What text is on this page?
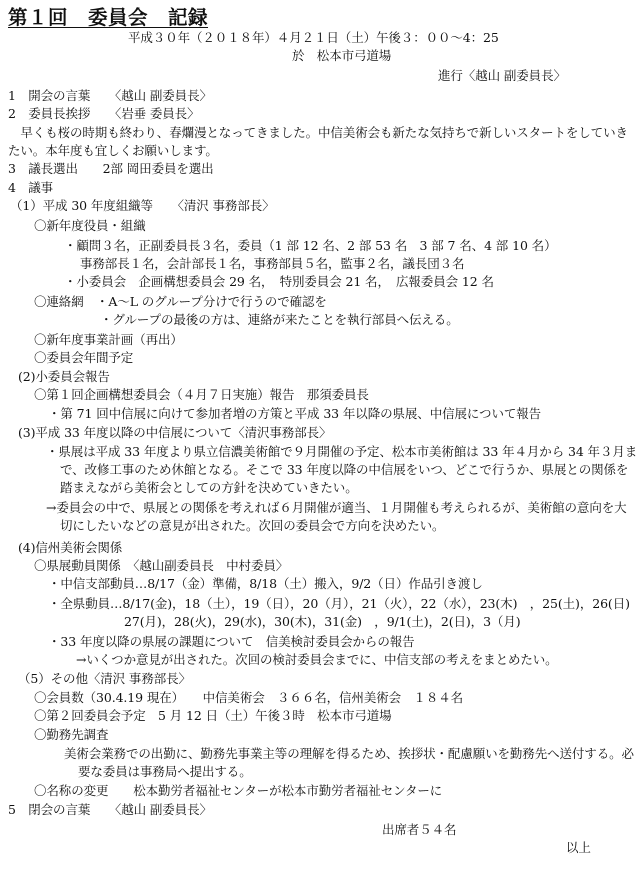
第１回　委員会　記録
平成３０年（２０１８年）４月２１日（土）午後３：００～4：25
於　松本市弓道場
進行〈越山 副委員長〉
1　開会の言葉　　〈越山 副委員長〉
2　委員長挨拶　　〈岩垂 委員長〉
　早くも桜の時期も終わり、春爛漫となってきました。中信美術会も新たな気持ちで新しいスタートをしていきたい。本年度も宜しくお願いします。
3　議長選出　　2部 岡田委員を選出
4　議事
（1）平成 30 年度組織等　　〈清沢 事務部長〉
〇新年度役員・組織
・顧問３名，正副委員長３名，委員（1 部 12 名、2 部 53 名　3 部 7 名、4 部 10 名）
事務部長１名，会計部長１名，事務部員５名，監事２名，議長団３名
・小委員会　企画構想委員会 29 名，　特別委員会 21 名，　広報委員会 12 名
〇連絡網　・A～L のグループ分けで行うので確認を
・グループの最後の方は、連絡が来たことを執行部員へ伝える。
〇新年度事業計画（再出）
〇委員会年間予定
(2)小委員会報告
〇第１回企画構想委員会（４月７日実施）報告　那須委員長
・第 71 回中信展に向けて参加者増の方策と平成 33 年以降の県展、中信展について報告
(3)平成 33 年度以降の中信展について〈清沢事務部長〉
・県展は平成 33 年度より県立信濃美術館で９月開催の予定、松本市美術館は 33 年４月から 34 年３月まで、改修工事のため休館となる。そこで 33 年度以降の中信展をいつ、どこで行うか、県展との関係を踏まえながら美術会としての方針を決めていきたい。
→委員会の中で、県展との関係を考えれば６月開催が適当、１月開催も考えられるが、美術館の意向を大切にしたいなどの意見が出された。次回の委員会で方向を決めたい。
(4)信州美術会関係
〇県展動員関係　〈越山副委員長　中村委員〉
・中信支部動員…8/17（金）準備，8/18（土）搬入，9/2（日）作品引き渡し
・全県動員…8/17(金)，18（土），19（日），20（月），21（火），22（水），23(木)　，25(土)，26(日)
27(月)，28(火)，29(水)，30(木)，31(金)　，9/1(土)，2(日)，3（月)
・33 年度以降の県展の課題について　信美検討委員会からの報告
→いくつか意見が出された。次回の検討委員会までに、中信支部の考えをまとめたい。
（5）その他〈清沢 事務部長〉
〇会員数（30.4.19 現在）　　中信美術会　３６６名，信州美術会　１８４名
〇第２回委員会予定　5 月 12 日（土）午後３時　松本市弓道場
〇勤務先調査
美術会業務での出勤に、勤務先事業主等の理解を得るため、挨拶状・配慮願いを勤務先へ送付する。必要な委員は事務局へ提出する。
〇名称の変更　　松本勤労者福祉センターが松本市勤労者福祉センターに
5　閉会の言葉　　〈越山 副委員長〉
出席者５４名
以上
